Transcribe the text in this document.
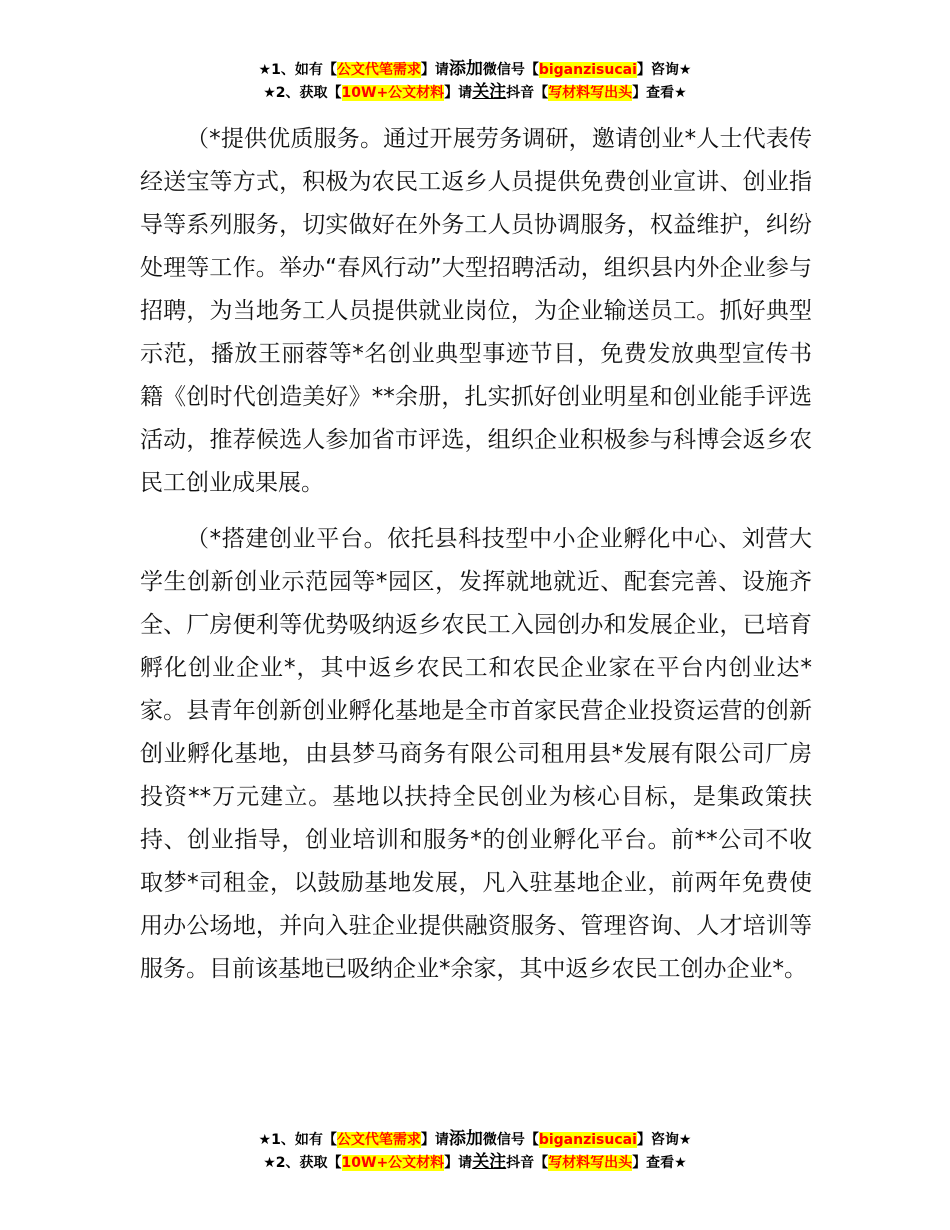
★1、如有【公文代笔需求】请添加微信号【biganzisucai】咨询★
★2、获取【10W+公文材料】请关注抖音【写材料写出头】查看★

（*提供优质服务。通过开展劳务调研，邀请创业*人士代表传经送宝等方式，积极为农民工返乡人员提供免费创业宣讲、创业指导等系列服务，切实做好在外务工人员协调服务，权益维护，纠纷处理等工作。举办“春风行动”大型招聘活动，组织县内外企业参与招聘，为当地务工人员提供就业岗位，为企业输送员工。抓好典型示范，播放王丽蓉等*名创业典型事迹节目，免费发放典型宣传书籍《创时代创造美好》**余册，扎实抓好创业明星和创业能手评选活动，推荐候选人参加省市评选，组织企业积极参与科博会返乡农民工创业成果展。

（*搭建创业平台。依托县科技型中小企业孵化中心、刘营大学生创新创业示范园等*园区，发挥就地就近、配套完善、设施齐全、厂房便利等优势吸纳返乡农民工入园创办和发展企业，已培育孵化创业企业*，其中返乡农民工和农民企业家在平台内创业达*家。县青年创新创业孵化基地是全市首家民营企业投资运营的创新创业孵化基地，由县梦马商务有限公司租用县*发展有限公司厂房投资**万元建立。基地以扶持全民创业为核心目标，是集政策扶持、创业指导，创业培训和服务*的创业孵化平台。前**公司不收取梦*司租金，以鼓励基地发展，凡入驻基地企业，前两年免费使用办公场地，并向入驻企业提供融资服务、管理咨询、人才培训等服务。目前该基地已吸纳企业*余家，其中返乡农民工创办企业*。

★1、如有【公文代笔需求】请添加微信号【biganzisucai】咨询★
★2、获取【10W+公文材料】请关注抖音【写材料写出头】查看★
